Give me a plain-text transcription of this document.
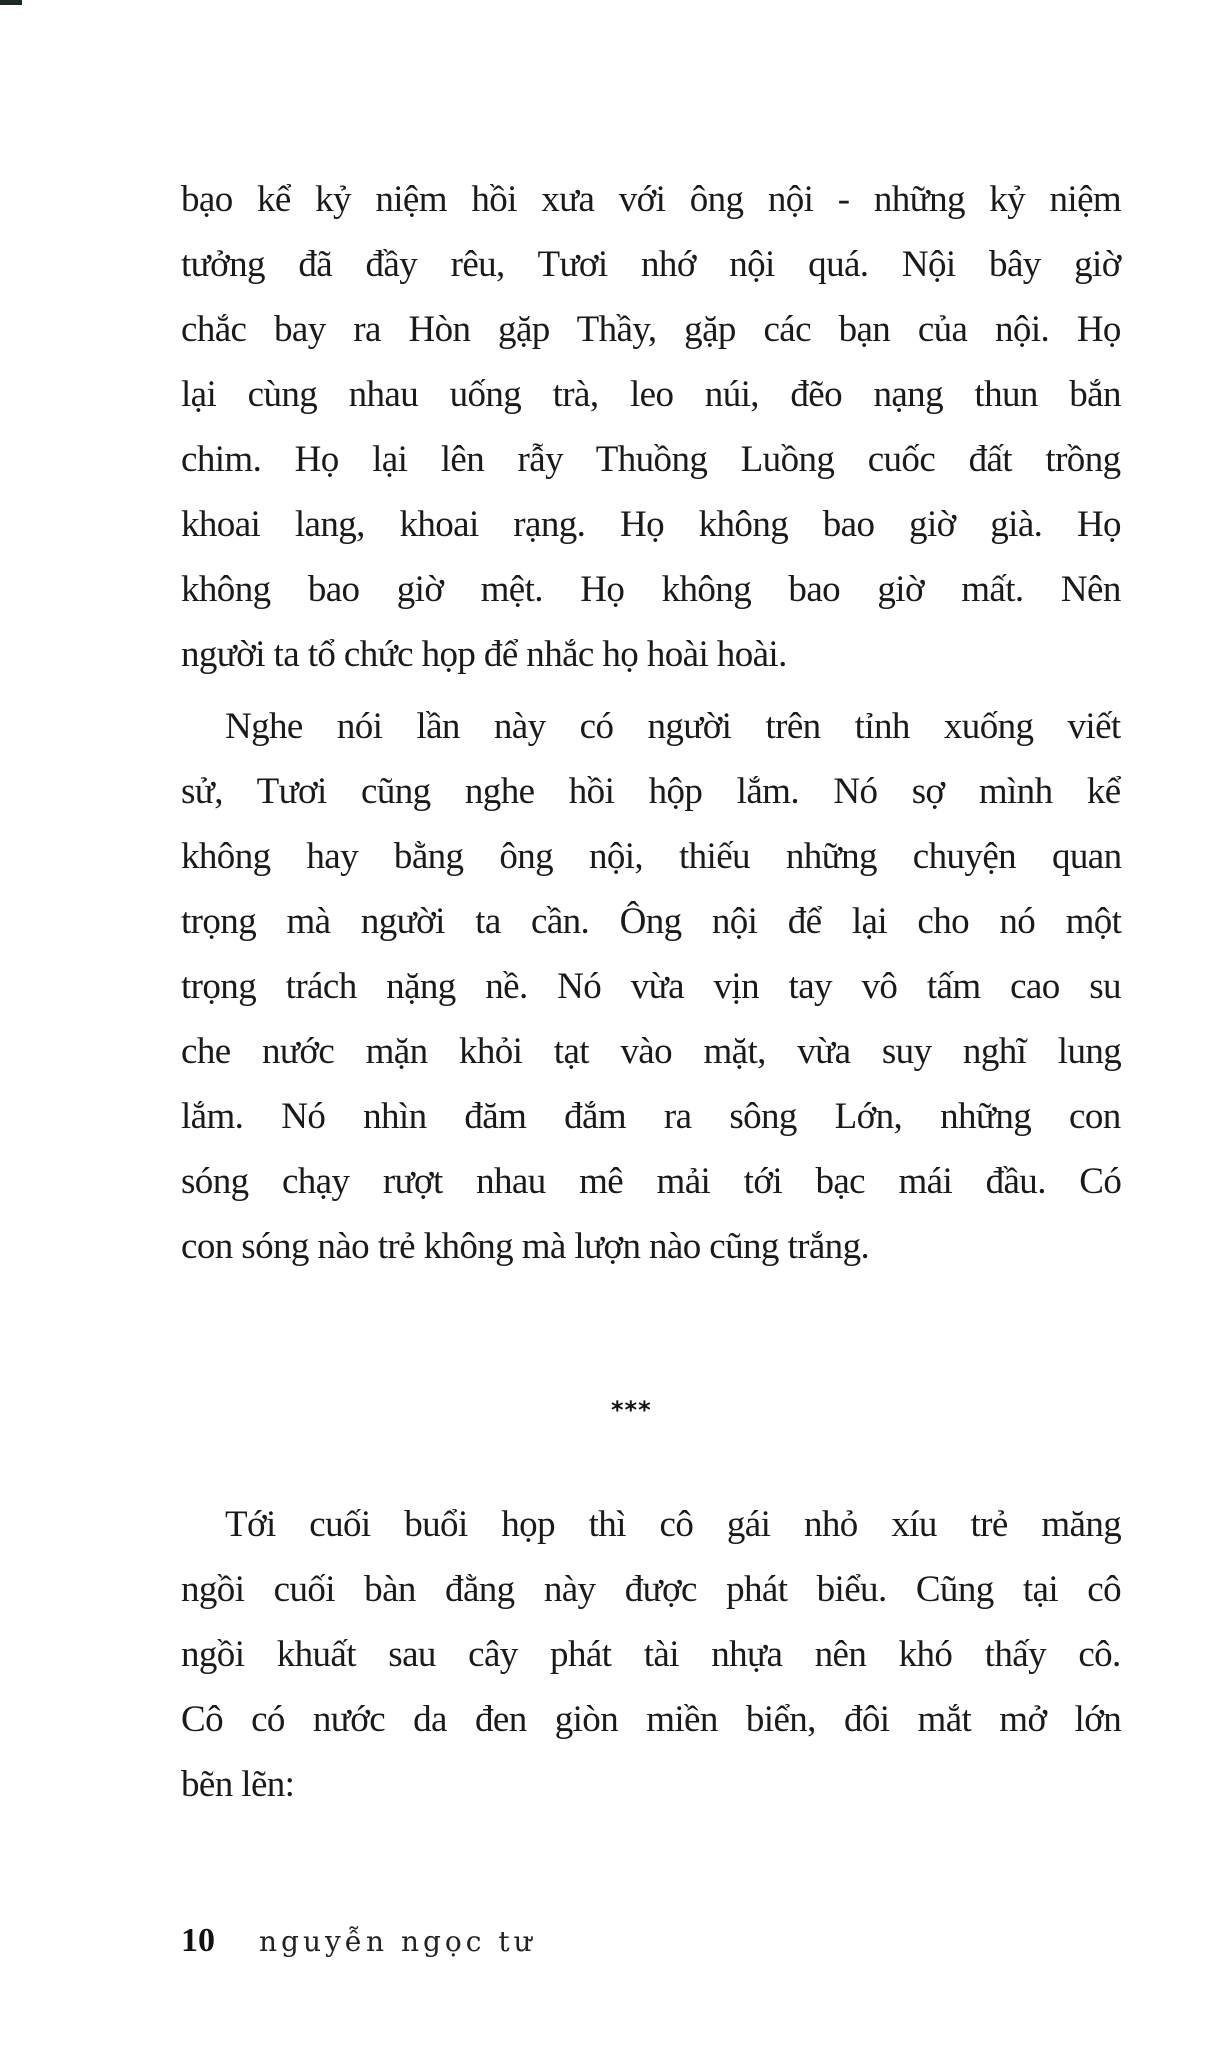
bạo kể kỷ niệm hồi xưa với ông nội - những kỷ niệm
tưởng đã đầy rêu, Tươi nhớ nội quá. Nội bây giờ
chắc bay ra Hòn gặp Thầy, gặp các bạn của nội. Họ
lại cùng nhau uống trà, leo núi, đẽo nạng thun bắn
chim. Họ lại lên rẫy Thuồng Luồng cuốc đất trồng
khoai lang, khoai rạng. Họ không bao giờ già. Họ
không bao giờ mệt. Họ không bao giờ mất. Nên
người ta tổ chức họp để nhắc họ hoài hoài.
Nghe nói lần này có người trên tỉnh xuống viết
sử, Tươi cũng nghe hồi hộp lắm. Nó sợ mình kể
không hay bằng ông nội, thiếu những chuyện quan
trọng mà người ta cần. Ông nội để lại cho nó một
trọng trách nặng nề. Nó vừa vịn tay vô tấm cao su
che nước mặn khỏi tạt vào mặt, vừa suy nghĩ lung
lắm. Nó nhìn đăm đắm ra sông Lớn, những con
sóng chạy rượt nhau mê mải tới bạc mái đầu. Có
con sóng nào trẻ không mà lượn nào cũng trắng.
***
Tới cuối buổi họp thì cô gái nhỏ xíu trẻ măng
ngồi cuối bàn đằng này được phát biểu. Cũng tại cô
ngồi khuất sau cây phát tài nhựa nên khó thấy cô.
Cô có nước da đen giòn miền biển, đôi mắt mở lớn
bẽn lẽn:
10 nguyễn ngọc tư
